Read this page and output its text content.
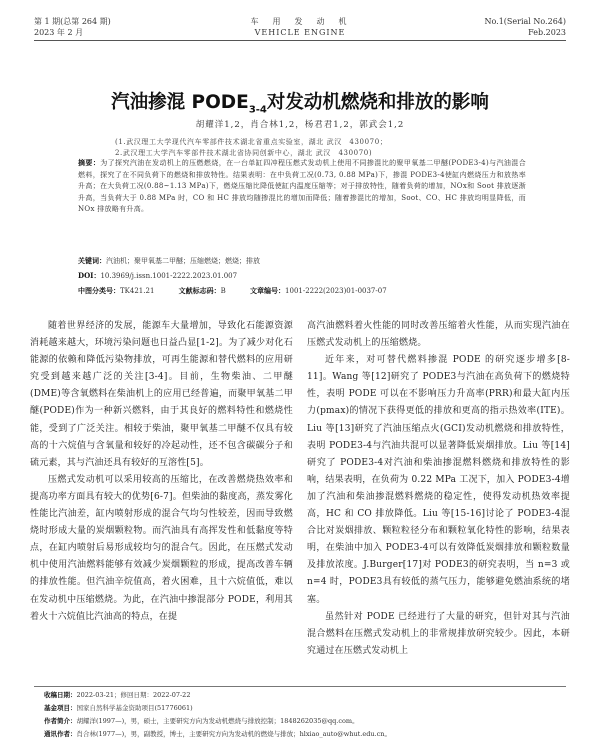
第 1 期(总第 264 期)
2023 年 2 月
车　用　发　动　机
VEHICLE ENGINE
No.1(Serial No.264)
Feb.2023
汽油掺混 $PODE_{3-4}$对发动机燃烧和排放的影响
胡耀洋1,2，肖合林1,2，杨君君1,2，郭武会1,2
(1.武汉理工大学现代汽车零部件技术湖北省重点实验室，湖北 武汉　430070；
2.武汉理工大学汽车零部件技术湖北省协同创新中心，湖北 武汉　430070)
摘要：为了探究汽油在发动机上的压燃燃烧，在一台单缸四冲程压燃式发动机上使用不同掺混比的聚甲氧基二甲醚(PODE3-4)与汽油混合燃料，探究了在不同负荷下的燃烧和排放特性。结果表明：在中负荷工况(0.73, 0.88 MPa)下，掺混 PODE3-4使缸内燃烧压力和放热率升高；在大负荷工况(0.88~1.13 MPa)下，燃烧压缩比降低使缸内温度压缩等；对于排放特性，随着负荷的增加，NOx和 Soot 排放逐渐升高，当负荷大于 0.88 MPa 时，CO 和 HC 排放均随掺混比的增加而降低；随着掺混比的增加，Soot、CO、HC 排放均明显降低，而 NOx 排放略有升高。
关键词：汽油机；聚甲氧基二甲醚；压缩燃烧；燃烧；排放
DOI：10.3969/j.issn.1001-2222.2023.01.007
中图分类号：TK421.21	文献标志码：B	文章编号：1001-2222(2023)01-0037-07

随着世界经济的发展，能源车大量增加，导致化石能源资源消耗越来越大，环境污染问题也日益凸显[1-2]。为了减少对化石能源的依赖和降低污染物排放，可再生能源和替代燃料的应用研究受到越来越广泛的关注[3-4]。目前，生物柴油、二甲醚(DME)等含氧燃料在柴油机上的应用已经普遍，而聚甲氧基二甲醚(PODE)作为一种新兴燃料，由于其良好的燃料特性和燃烧性能，受到了广泛关注。相较于柴油，聚甲氧基二甲醚不仅具有较高的十六烷值与含氧量和较好的冷起动性，还不包含碳碳分子和硫元素，其与汽油还具有较好的互溶性[5]。

压燃式发动机可以采用较高的压缩比，在改善燃烧热效率和提高功率方面具有较大的优势[6-7]。但柴油的黏度高，蒸发雾化性能比汽油差，缸内喷射形成的混合气均匀性较差，因而导致燃烧时形成大量的炭烟颗粒物。而汽油具有高挥发性和低黏度等特点，在缸内喷射后易形成较均匀的混合气。因此，在压燃式发动机中使用汽油燃料能够有效减少炭烟颗粒的形成，提高改善车辆的排放性能。但汽油辛烷值高，着火困难，且十六烷值低，难以在发动机中压缩燃烧。为此，在汽油中掺混部分 PODE，利用其着火十六烷值比汽油高的特点，在提

高汽油燃料着火性能的同时改善压缩着火性能，从而实现汽油在压燃式发动机上的压缩燃烧。

近年来，对可替代燃料掺混 PODE 的研究逐步增多[8-11]。Wang 等[12]研究了 PODE3与汽油在高负荷下的燃烧特性，表明 PODE 可以在不影响压力升高率(PRR)和最大缸内压力(pmax)的情况下获得更低的排放和更高的指示热效率(ITE)。Liu 等[13]研究了汽油压缩点火(GCI)发动机燃烧和排放特性，表明 PODE3-4与汽油共混可以显著降低炭烟排放。Liu 等[14]研究了 PODE3-4对汽油和柴油掺混燃料燃烧和排放特性的影响，结果表明，在负荷为 0.22 MPa 工况下，加入 PODE3-4增加了汽油和柴油掺混燃料燃烧的稳定性，使得发动机热效率提高，HC 和 CO 排放降低。Liu 等[15-16]讨论了 PODE3-4混合比对炭烟排放、颗粒粒径分布和颗粒氧化特性的影响，结果表明，在柴油中加入 PODE3-4可以有效降低炭烟排放和颗粒数量及排放浓度。J.Burger[17]对 PODE3的研究表明，当 n=3 或 n=4 时，PODE3具有较低的蒸气压力，能够避免燃油系统的堵塞。

虽然针对 PODE 已经进行了大量的研究，但针对其与汽油混合燃料在压燃式发动机上的非常规排放研究较少。因此，本研究通过在压燃式发动机上

收稿日期：2022-03-21；修回日期：2022-07-22
基金项目：国家自然科学基金资助项目(51776061)
作者简介：胡耀洋(1997—)，男，硕士，主要研究方向为发动机燃烧与排放控制；1848262035@qq.com。
通讯作者：肖合林(1977—)，男，副教授，博士，主要研究方向为发动机的燃烧与排放；hlxiao_auto@whut.edu.cn。
